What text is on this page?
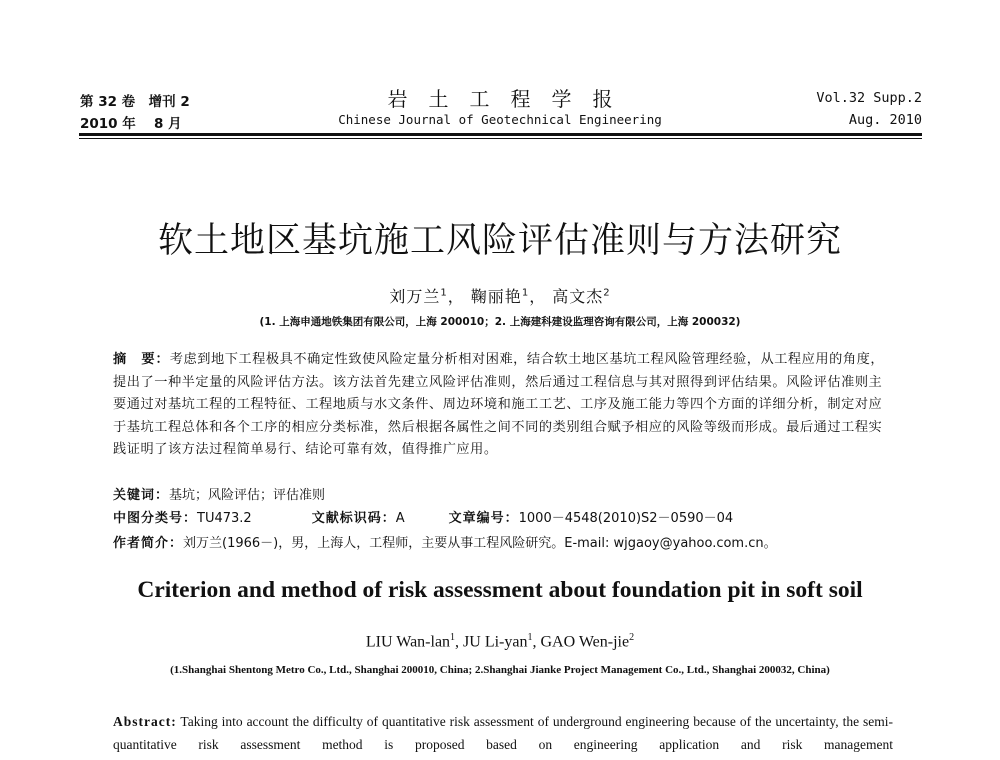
第 32 卷　增刊 2
2010 年　 8 月
岩土工程学报
Chinese Journal of Geotechnical Engineering
Vol.32 Supp.2
Aug. 2010
软土地区基坑施工风险评估准则与方法研究
刘万兰$^1$， 鞠丽艳$^1$， 高文杰$^2$
(1. 上海申通地铁集团有限公司，上海 200010；2. 上海建科建设监理咨询有限公司，上海 200032)
摘　要：考虑到地下工程极具不确定性致使风险定量分析相对困难，结合软土地区基坑工程风险管理经验，从工程应用的角度，提出了一种半定量的风险评估方法。该方法首先建立风险评估准则，然后通过工程信息与其对照得到评估结果。风险评估准则主要通过对基坑工程的工程特征、工程地质与水文条件、周边环境和施工工艺、工序及施工能力等四个方面的详细分析，制定对应于基坑工程总体和各个工序的相应分类标准，然后根据各属性之间不同的类别组合赋予相应的风险等级而形成。最后通过工程实践证明了该方法过程简单易行、结论可靠有效，值得推广应用。
关键词：基坑；风险评估；评估准则
中图分类号：TU473.2	文献标识码：A	文章编号：1000－4548(2010)S2－0590－04
作者简介：刘万兰(1966－)，男，上海人，工程师，主要从事工程风险研究。E-mail: wjgaoy@yahoo.com.cn。
Criterion and method of risk assessment about foundation pit in soft soil
LIU Wan-lan$^1$, JU Li-yan$^1$, GAO Wen-jie$^2$
(1.Shanghai Shentong Metro Co., Ltd., Shanghai 200010, China; 2.Shanghai Jianke Project Management Co., Ltd., Shanghai 200032, China)
Abstract: Taking into account the difficulty of quantitative risk assessment of underground engineering because of the uncertainty, the semi-quantitative risk assessment method is proposed based on engineering application and risk management
